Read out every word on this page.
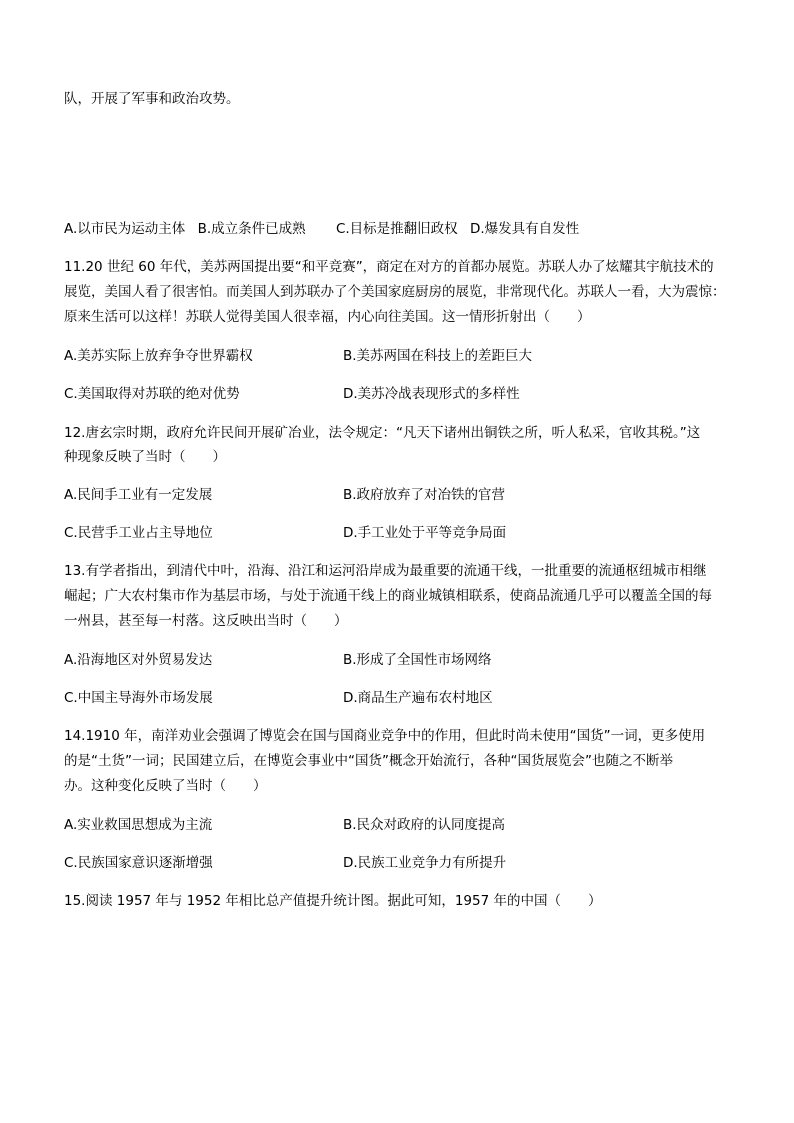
队，开展了军事和政治攻势。
A.以市民为运动主体 B.成立条件已成熟 C.目标是推翻旧政权 D.爆发具有自发性
11.20 世纪 60 年代，美苏两国提出要“和平竞赛”，商定在对方的首都办展览。苏联人办了炫耀其宇航技术的
展览，美国人看了很害怕。而美国人到苏联办了个美国家庭厨房的展览，非常现代化。苏联人一看，大为震惊：
原来生活可以这样！苏联人觉得美国人很幸福，内心向往美国。这一情形折射出（　　）
A.美苏实际上放弃争夺世界霸权	B.美苏两国在科技上的差距巨大
C.美国取得对苏联的绝对优势	D.美苏冷战表现形式的多样性
12.唐玄宗时期，政府允许民间开展矿冶业，法令规定：“凡天下诸州出铜铁之所，听人私采，官收其税。”这
种现象反映了当时（　　）
A.民间手工业有一定发展	B.政府放弃了对冶铁的官营
C.民营手工业占主导地位	D.手工业处于平等竞争局面
13.有学者指出，到清代中叶，沿海、沿江和运河沿岸成为最重要的流通干线，一批重要的流通枢纽城市相继
崛起；广大农村集市作为基层市场，与处于流通干线上的商业城镇相联系，使商品流通几乎可以覆盖全国的每
一州县，甚至每一村落。这反映出当时（　　）
A.沿海地区对外贸易发达	B.形成了全国性市场网络
C.中国主导海外市场发展	D.商品生产遍布农村地区
14.1910 年，南洋劝业会强调了博览会在国与国商业竞争中的作用，但此时尚未使用“国货”一词，更多使用
的是“土货”一词；民国建立后，在博览会事业中“国货”概念开始流行，各种“国货展览会”也随之不断举
办。这种变化反映了当时（　　）
A.实业救国思想成为主流	B.民众对政府的认同度提高
C.民族国家意识逐渐增强	D.民族工业竞争力有所提升
15.阅读 1957 年与 1952 年相比总产值提升统计图。据此可知，1957 年的中国（　　）
